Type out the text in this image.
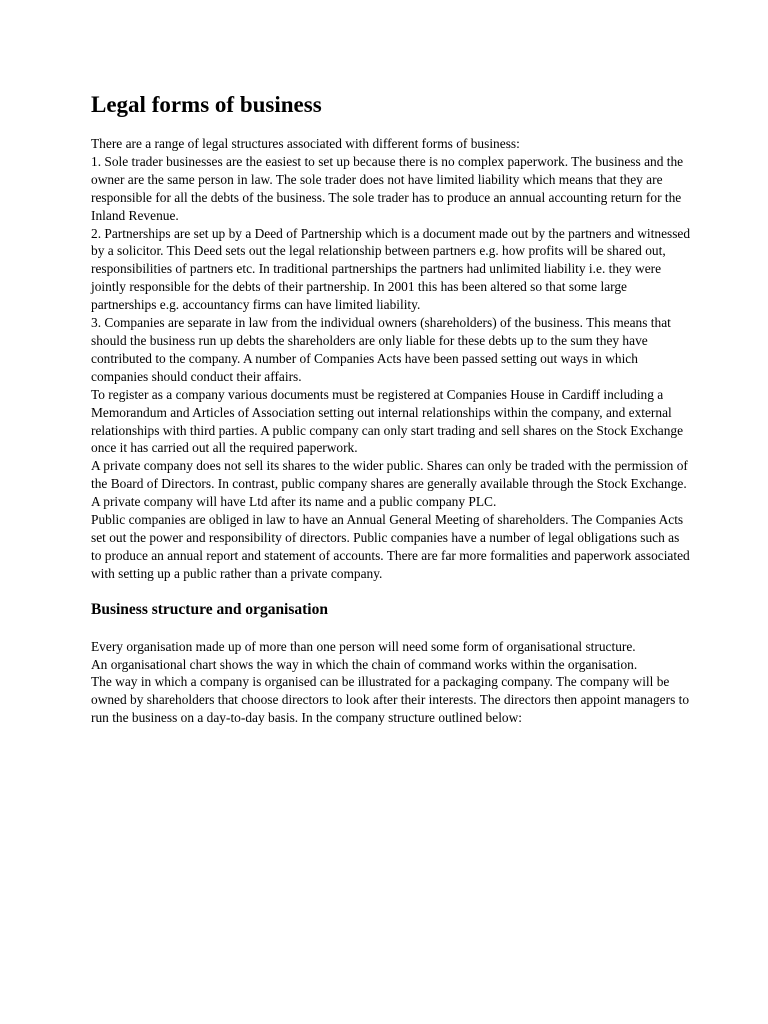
Legal forms of business

There are a range of legal structures associated with different forms of business:

1. Sole trader businesses are the easiest to set up because there is no complex paperwork. The business and the owner are the same person in law. The sole trader does not have limited liability which means that they are responsible for all the debts of the business. The sole trader has to produce an annual accounting return for the Inland Revenue.

2. Partnerships are set up by a Deed of Partnership which is a document made out by the partners and witnessed by a solicitor. This Deed sets out the legal relationship between partners e.g. how profits will be shared out, responsibilities of partners etc. In traditional partnerships the partners had unlimited liability i.e. they were jointly responsible for the debts of their partnership. In 2001 this has been altered so that some large partnerships e.g. accountancy firms can have limited liability.

3. Companies are separate in law from the individual owners (shareholders) of the business. This means that should the business run up debts the shareholders are only liable for these debts up to the sum they have contributed to the company. A number of Companies Acts have been passed setting out ways in which companies should conduct their affairs.

To register as a company various documents must be registered at Companies House in Cardiff including a Memorandum and Articles of Association setting out internal relationships within the company, and external relationships with third parties. A public company can only start trading and sell shares on the Stock Exchange once it has carried out all the required paperwork.

A private company does not sell its shares to the wider public. Shares can only be traded with the permission of the Board of Directors. In contrast, public company shares are generally available through the Stock Exchange. A private company will have Ltd after its name and a public company PLC.

Public companies are obliged in law to have an Annual General Meeting of shareholders. The Companies Acts set out the power and responsibility of directors. Public companies have a number of legal obligations such as to produce an annual report and statement of accounts. There are far more formalities and paperwork associated with setting up a public rather than a private company.

Business structure and organisation

Every organisation made up of more than one person will need some form of organisational structure.

An organisational chart shows the way in which the chain of command works within the organisation.

The way in which a company is organised can be illustrated for a packaging company. The company will be owned by shareholders that choose directors to look after their interests. The directors then appoint managers to run the business on a day-to-day basis. In the company structure outlined below:
